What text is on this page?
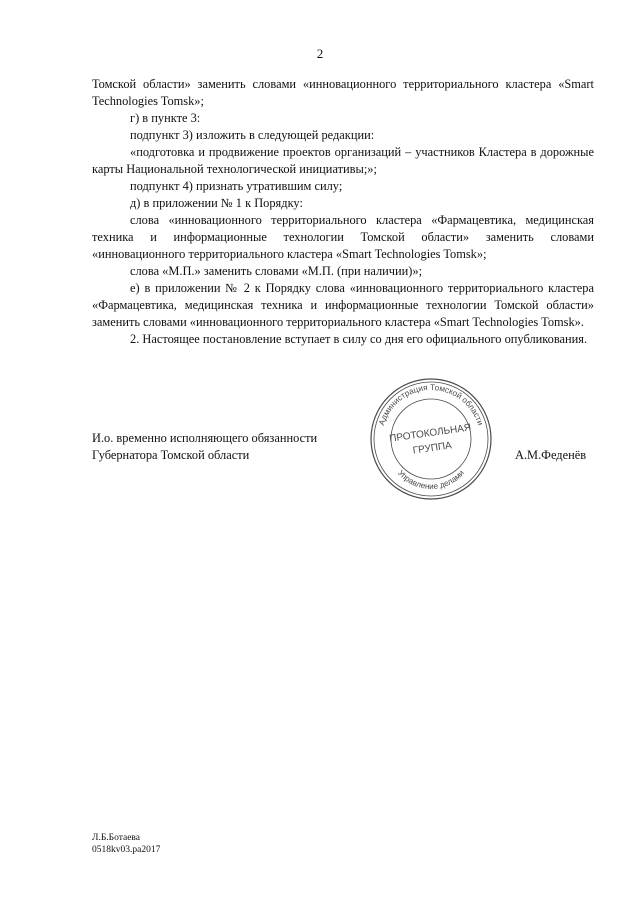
2

Томской области» заменить словами «инновационного территориального кластера «Smart Technologies Tomsk»;

г) в пункте 3:

подпункт 3) изложить в следующей редакции:

«подготовка и продвижение проектов организаций – участников Кластера в дорожные карты Национальной технологической инициативы;»;

подпункт 4) признать утратившим силу;

д) в приложении № 1 к Порядку:

слова «инновационного территориального кластера «Фармацевтика, медицинская техника и информационные технологии Томской области» заменить словами «инновационного территориального кластера «Smart Technologies Tomsk»;

слова «М.П.» заменить словами «М.П. (при наличии)»;

е) в приложении № 2 к Порядку слова «инновационного территориального кластера «Фармацевтика, медицинская техника и информационные технологии Томской области» заменить словами «инновационного территориального кластера «Smart Technologies Tomsk».

2. Настоящее постановление вступает в силу со дня его официального опубликования.

И.о. временно исполняющего обязанности
Губернатора Томской области
Администрация Томской области
Управление делами
ПРОТОКОЛЬНАЯ
ГРУППА	А.М.Феденёв
Л.Б.Ботаева
0518kv03.pa2017
